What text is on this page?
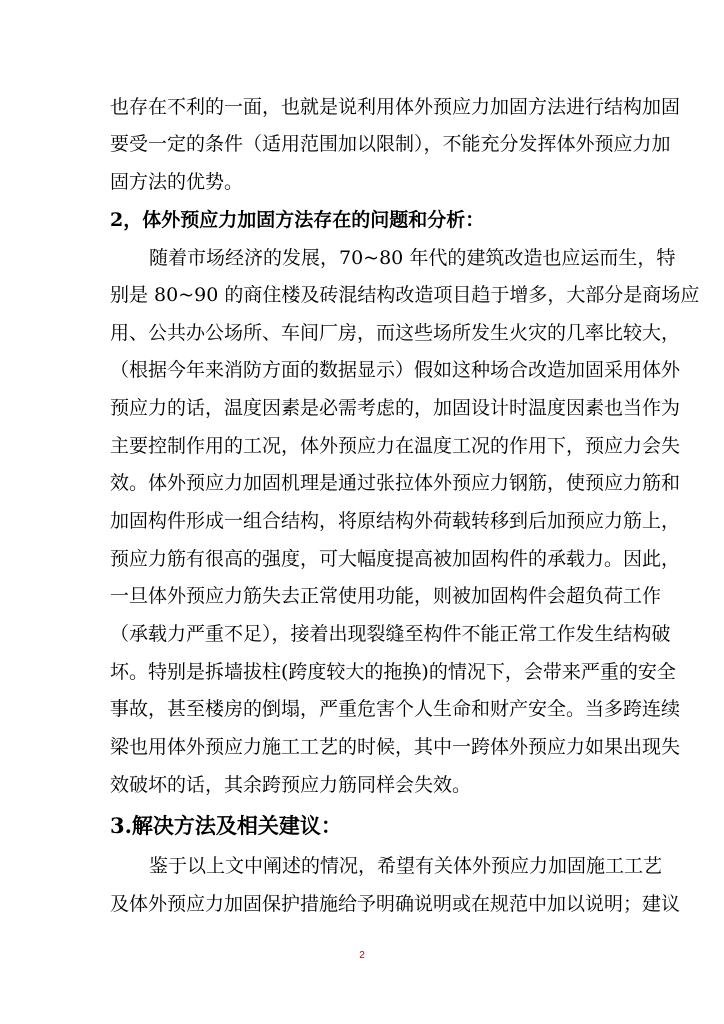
也存在不利的一面，也就是说利用体外预应力加固方法进行结构加固
要受一定的条件（适用范围加以限制），不能充分发挥体外预应力加
固方法的优势。
2，体外预应力加固方法存在的问题和分析：
随着市场经济的发展，70~80 年代的建筑改造也应运而生，特
别是 80~90 的商住楼及砖混结构改造项目趋于增多，大部分是商场应
用、公共办公场所、车间厂房，而这些场所发生火灾的几率比较大，
（根据今年来消防方面的数据显示）假如这种场合改造加固采用体外
预应力的话，温度因素是必需考虑的，加固设计时温度因素也当作为
主要控制作用的工况，体外预应力在温度工况的作用下，预应力会失
效。体外预应力加固机理是通过张拉体外预应力钢筋，使预应力筋和
加固构件形成一组合结构，将原结构外荷载转移到后加预应力筋上，
预应力筋有很高的强度，可大幅度提高被加固构件的承载力。因此，
一旦体外预应力筋失去正常使用功能，则被加固构件会超负荷工作
（承载力严重不足），接着出现裂缝至构件不能正常工作发生结构破
坏。特别是拆墙拔柱(跨度较大的拖换)的情况下，会带来严重的安全
事故，甚至楼房的倒塌，严重危害个人生命和财产安全。当多跨连续
梁也用体外预应力施工工艺的时候，其中一跨体外预应力如果出现失
效破坏的话，其余跨预应力筋同样会失效。
3.解决方法及相关建议：
鉴于以上文中阐述的情况，希望有关体外预应力加固施工工艺
及体外预应力加固保护措施给予明确说明或在规范中加以说明；建议
2
